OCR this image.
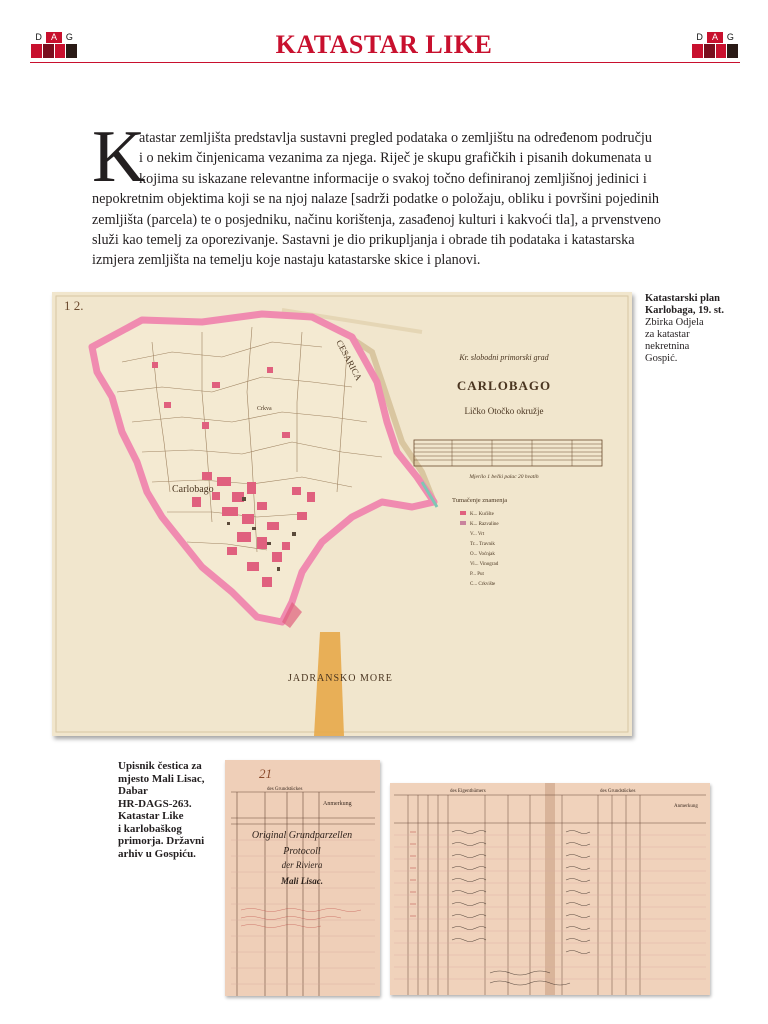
D	A G	KATASTAR LIKE	D	A G
K
atastar zemljišta predstavlja sustavni pregled podataka o zemljištu na određenom području
i o nekim činjenicama vezanima za njega. Riječ je skupu grafičkih i pisanih dokumenata u
kojima su iskazane relevantne informacije o svakoj točno definiranoj zemljišnoj jedinici i
nepokretnim objektima koji se na njoj nalaze [sadrži podatke o položaju, obliku i površini pojedinih
zemljišta (parcela) te o posjedniku, načinu korištenja, zasađenoj kulturi i kakvoći tla], a prvenstveno
služi kao temelj za oporezivanje. Sastavni je dio prikupljanja i obrade tih podataka i katastarska
izmjera zemljišta na temelju koje nastaju katastarske skice i planovi.
1 2.
Carlobago
CESARICA
JADRANSKO MORE
Crkva
Kr. slobodni primorski grad
CARLOBAGO
Ličko Otočko okružje
Mjerilo 1 bečki palac 20 hvatih
Tumačenje znamenja
K... Kućište
K... Razvaline
V... Vrt
Tr... Travnik
O... Voćnjak
Vi... Vinograd
P... Put
C... Crkvište
Katastarski plan
Karlobaga, 19. st.
Zbirka Odjela
za katastar
nekretnina
Gospić.
Upisnik čestica za
mjesto Mali Lisac,
Dabar
HR-DAGS-263.
Katastar Like
i karlobaškog
primorja. Državni
arhiv u Gospiću.
21
des Grundstückes
Anmerkung
Original Grundparzellen
Protocoll
der Riviera
Mali Lisac.
des Eigenthümers	des Grundstückes
Anmerkung
